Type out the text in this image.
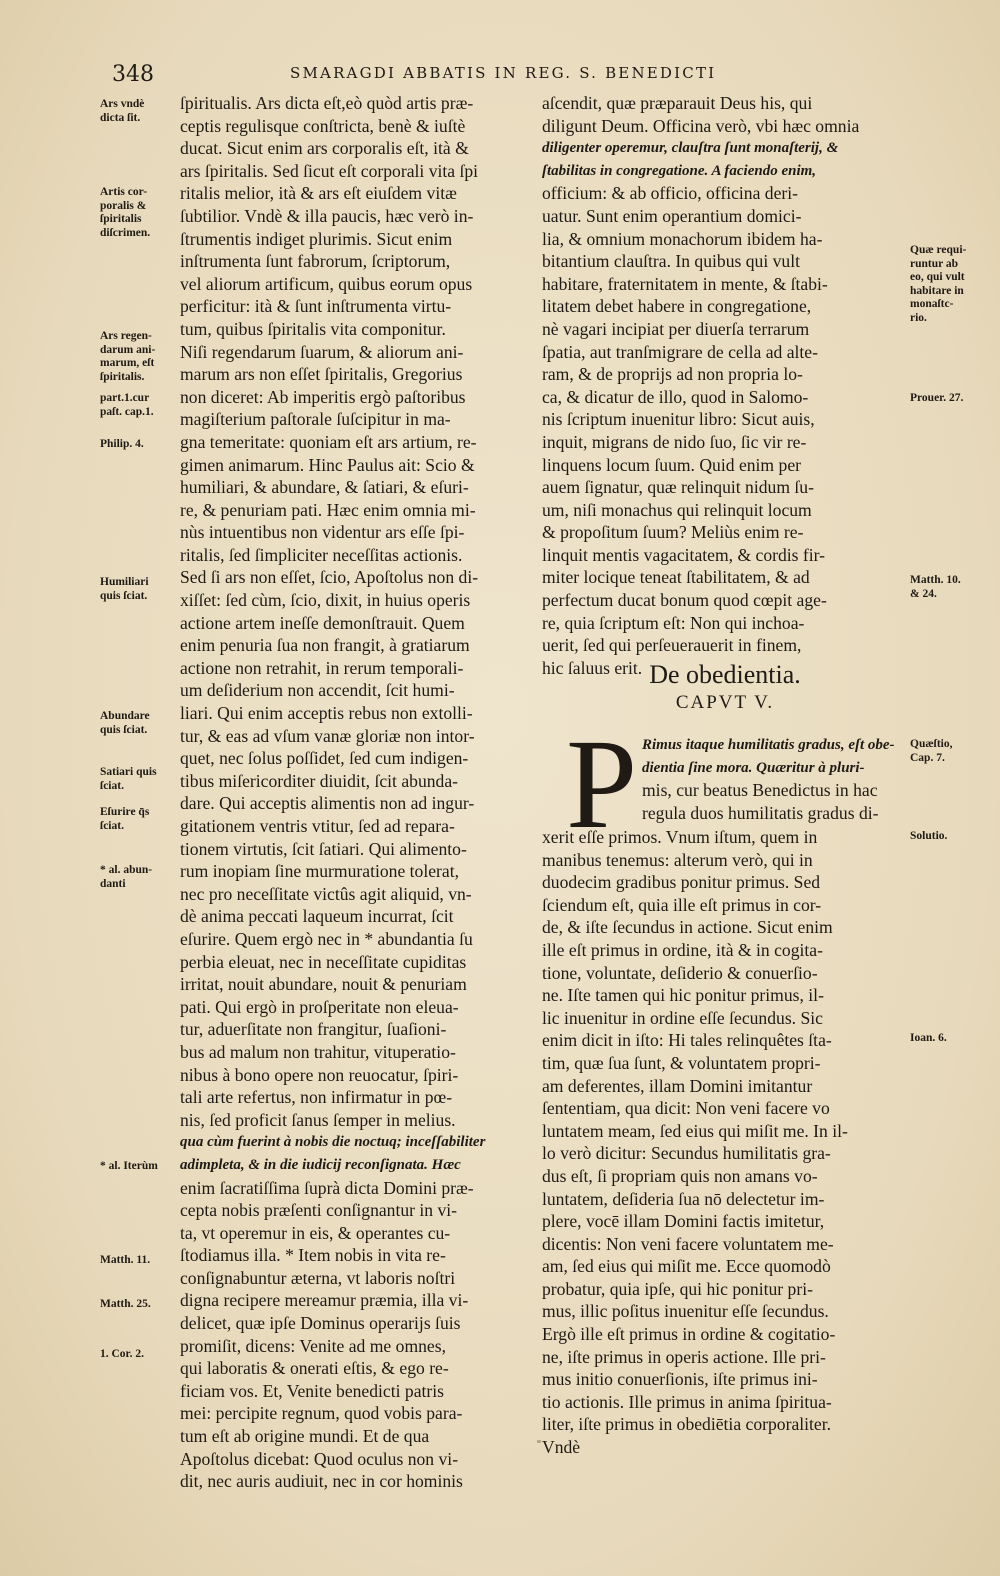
348	SMARAGDI ABBATIS IN REG. S. BENEDICTI
ſpiritualis. Ars dicta eſt,eò quòd artis præ-
ceptis regulisque conſtricta, benè & iuſtè
ducat. Sicut enim ars corporalis eſt, ità &
ars ſpiritalis. Sed ſicut eſt corporali vita ſpi
ritalis melior, ità & ars eſt eiuſdem vitæ
ſubtilior. Vndè & illa paucis, hæc verò in-
ſtrumentis indiget plurimis. Sicut enim
inſtrumenta ſunt fabrorum, ſcriptorum,
vel aliorum artificum, quibus eorum opus
perficitur: ità & ſunt inſtrumenta virtu-
tum, quibus ſpiritalis vita componitur.
Niſi regendarum ſuarum, & aliorum ani-
marum ars non eſſet ſpiritalis, Gregorius
non diceret: Ab imperitis ergò paſtoribus
magiſterium paſtorale ſuſcipitur in ma-
gna temeritate: quoniam eſt ars artium, re-
gimen animarum. Hinc Paulus ait: Scio &
humiliari, & abundare, & ſatiari, & eſuri-
re, & penuriam pati. Hæc enim omnia mi-
nùs intuentibus non videntur ars eſſe ſpi-
ritalis, ſed ſimpliciter neceſſitas actionis.
Sed ſi ars non eſſet, ſcio, Apoſtolus non di-
xiſſet: ſed cùm, ſcio, dixit, in huius operis
actione artem ineſſe demonſtrauit. Quem
enim penuria ſua non frangit, à gratiarum
actione non retrahit, in rerum temporali-
um deſiderium non accendit, ſcit humi-
liari. Qui enim acceptis rebus non extolli-
tur, & eas ad vſum vanæ gloriæ non intor-
quet, nec ſolus poſſidet, ſed cum indigen-
tibus miſericorditer diuidit, ſcit abunda-
dare. Qui acceptis alimentis non ad ingur-
gitationem ventris vtitur, ſed ad repara-
tionem virtutis, ſcit ſatiari. Qui alimento-
rum inopiam ſine murmuratione tolerat,
nec pro neceſſitate victûs agit aliquid, vn-
dè anima peccati laqueum incurrat, ſcit
eſurire. Quem ergò nec in * abundantia ſu
perbia eleuat, nec in neceſſitate cupiditas
irritat, nouit abundare, nouit & penuriam
pati. Qui ergò in proſperitate non eleua-
tur, aduerſitate non frangitur, ſuaſioni-
bus ad malum non trahitur, vituperatio-
nibus à bono opere non reuocatur, ſpiri-
tali arte refertus, non infirmatur in pœ-
nis, ſed proficit ſanus ſemper in melius.
qua cùm fuerint à nobis die noctuq; inceſſabiliter
adimpleta, & in die iudicij reconſignata. Hæc
enim ſacratiſſima ſuprà dicta Domini præ-
cepta nobis præſenti conſignantur in vi-
ta, vt operemur in eis, & operantes cu-
ſtodiamus illa. * Item nobis in vita re-
conſignabuntur æterna, vt laboris noſtri
digna recipere mereamur præmia, illa vi-
delicet, quæ ipſe Dominus operarijs ſuis
promiſit, dicens: Venite ad me omnes,
qui laboratis & onerati eſtis, & ego re-
ficiam vos. Et, Venite benedicti patris
mei: percipite regnum, quod vobis para-
tum eſt ab origine mundi. Et de qua
Apoſtolus dicebat: Quod oculus non vi-
dit, nec auris audiuit, nec in cor hominis
Ars vndè
dicta ſit.
Artis cor-
poralis &
ſpiritalis
diſcrimen.
Ars regen-
darum ani-
marum, eſt
ſpiritalis.
part.1.cur
paſt. cap.1.
Philip. 4.
Humiliari
quis ſciat.
Abundare
quis ſciat.
Satiari quis
ſciat.
Eſurire q̄s
ſciat.
* al. abun-
danti
* al. Iterùm
Matth. 11.
Matth. 25.
1. Cor. 2.
aſcendit, quæ præparauit Deus his, qui
diligunt Deum. Officina verò, vbi hæc omnia
diligenter operemur, clauſtra ſunt monaſterij, &
ſtabilitas in congregatione. A faciendo enim,
officium: & ab officio, officina deri-
uatur. Sunt enim operantium domici-
lia, & omnium monachorum ibidem ha-
bitantium clauſtra. In quibus qui vult
habitare, fraternitatem in mente, & ſtabi-
litatem debet habere in congregatione,
nè vagari incipiat per diuerſa terrarum
ſpatia, aut tranſmigrare de cella ad alte-
ram, & de proprijs ad non propria lo-
ca, & dicatur de illo, quod in Salomo-
nis ſcriptum inuenitur libro: Sicut auis,
inquit, migrans de nido ſuo, ſic vir re-
linquens locum ſuum. Quid enim per
auem ſignatur, quæ relinquit nidum ſu-
um, niſi monachus qui relinquit locum
& propoſitum ſuum? Meliùs enim re-
linquit mentis vagacitatem, & cordis fir-
miter locique teneat ſtabilitatem, & ad
perfectum ducat bonum quod cœpit age-
re, quia ſcriptum eſt: Non qui inchoa-
uerit, ſed qui perſeuerauerit in finem,
hic ſaluus erit.
Quæ requi-
runtur ab
eo, qui vult
habitare in
monaſtc-
rio.
Prouer. 27.
Matth. 10.
& 24.
Quæſtio,
Cap. 7.
Solutio.
Ioan. 6.
De obedientia.
CAPVT V.
P Rimus itaque humilitatis gradus, eſt obe-
dientia ſine mora. Quæritur à pluri-
mis, cur beatus Benedictus in hac
regula duos humilitatis gradus di-
xerit eſſe primos. Vnum iſtum, quem in
manibus tenemus: alterum verò, qui in
duodecim gradibus ponitur primus. Sed
ſciendum eſt, quia ille eſt primus in cor-
de, & iſte ſecundus in actione. Sicut enim
ille eſt primus in ordine, ità & in cogita-
tione, voluntate, deſiderio & conuerſio-
ne. Iſte tamen qui hic ponitur primus, il-
lic inuenitur in ordine eſſe ſecundus. Sic
enim dicit in iſto: Hi tales relinquêtes ſta-
tim, quæ ſua ſunt, & voluntatem propri-
am deferentes, illam Domini imitantur
ſententiam, qua dicit: Non veni facere vo
luntatem meam, ſed eius qui miſit me. In il-
lo verò dicitur: Secundus humilitatis gra-
dus eſt, ſi propriam quis non amans vo-
luntatem, deſideria ſua nō delectetur im-
plere, vocē illam Domini factis imitetur,
dicentis: Non veni facere voluntatem me-
am, ſed eius qui miſit me. Ecce quomodò
probatur, quia ipſe, qui hic ponitur pri-
mus, illic poſitus inuenitur eſſe ſecundus.
Ergò ille eſt primus in ordine & cogitatio-
ne, iſte primus in operis actione. Ille pri-
mus initio conuerſionis, iſte primus ini-
tio actionis. Ille primus in anima ſpiritua-
liter, iſte primus in obediētia corporaliter.
Vndè
